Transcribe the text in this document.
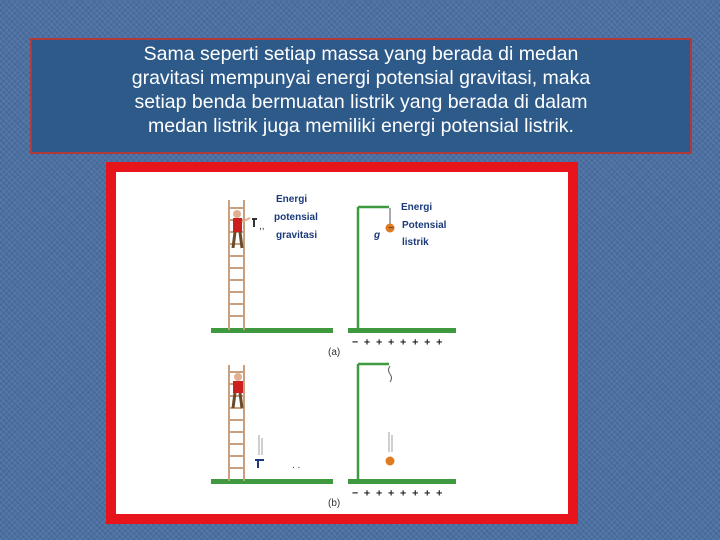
Sama seperti setiap massa yang berada di medan

gravitasi mempunyai energi potensial gravitasi, maka

setiap benda bermuatan listrik yang berada di dalam

medan listrik juga memiliki energi potensial listrik.

,,
Energi
potensial
gravitasi
−
g
Energi
Potensial
listrik
− + + + + + + +
(a)
. .
− + + + + + + +
(b)
